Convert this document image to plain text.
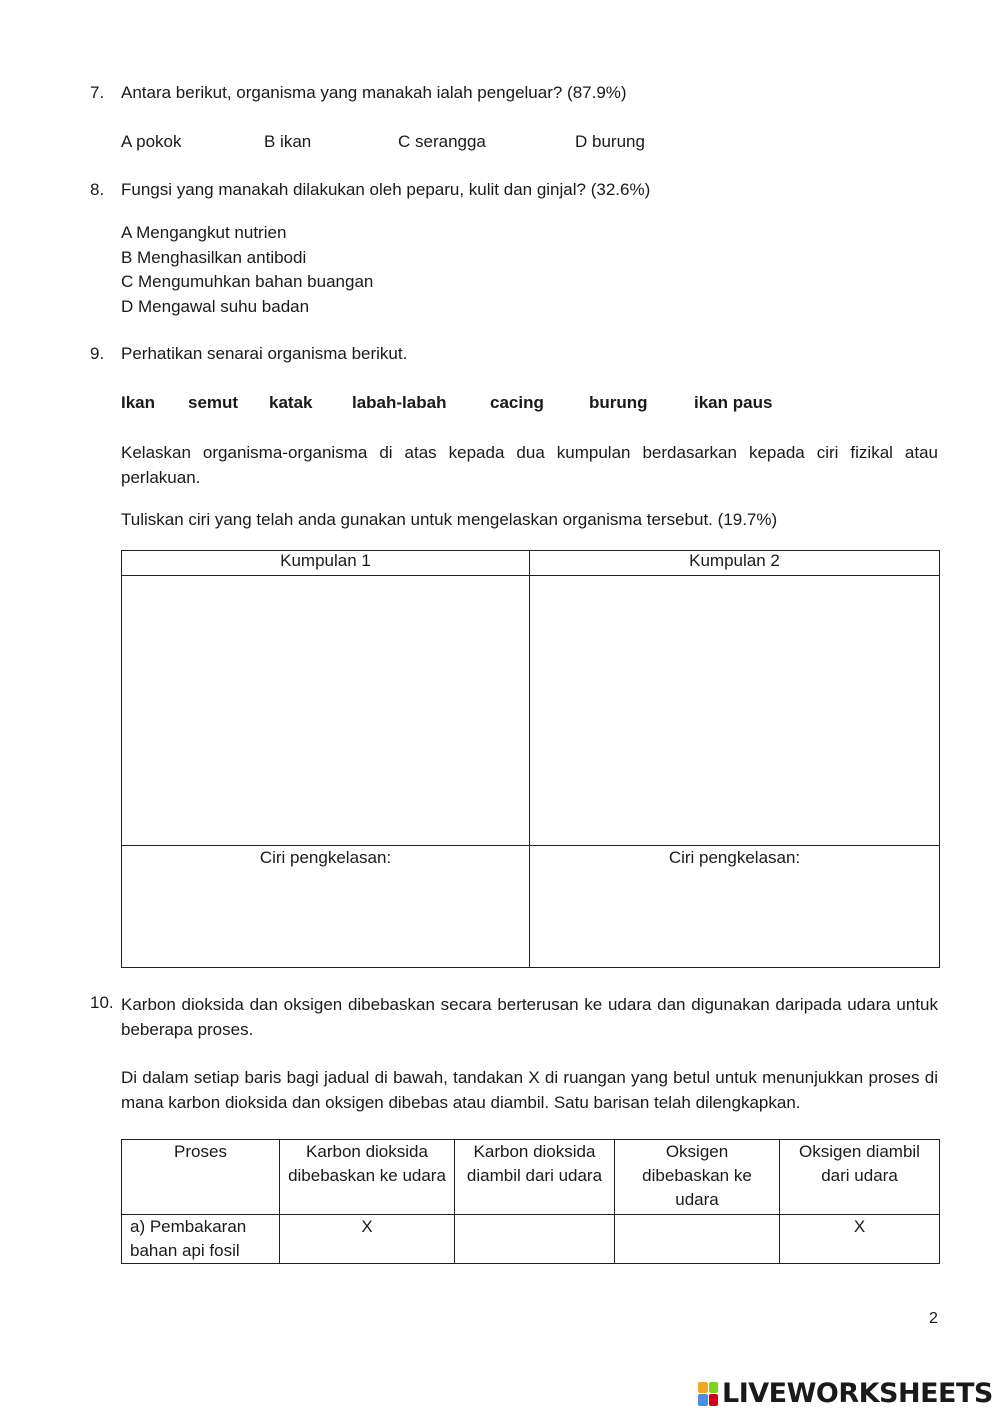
7. Antara berikut, organisma yang manakah ialah pengeluar? (87.9%)
A pokok	B ikan	C serangga	D burung
8. Fungsi yang manakah dilakukan oleh peparu, kulit dan ginjal? (32.6%)
A Mengangkut nutrien
B Menghasilkan antibodi
C Mengumuhkan bahan buangan
D Mengawal suhu badan
9. Perhatikan senarai organisma berikut.
Ikan semut katak labah-labah	cacing	burung	ikan paus
Kelaskan organisma-organisma di atas kepada dua kumpulan berdasarkan kepada ciri fizikal atau perlakuan.
Tuliskan ciri yang telah anda gunakan untuk mengelaskan organisma tersebut. (19.7%)
Kumpulan 1	Kumpulan 2

Ciri pengkelasan:	Ciri pengkelasan:
10. Karbon dioksida dan oksigen dibebaskan secara berterusan ke udara dan digunakan daripada udara untuk beberapa proses.
Di dalam setiap baris bagi jadual di bawah, tandakan X di ruangan yang betul untuk menunjukkan proses di mana karbon dioksida dan oksigen dibebas atau diambil. Satu barisan telah dilengkapkan.
Proses	Karbon dioksida dibebaskan ke udara	Karbon dioksida diambil dari udara	Oksigen dibebaskan ke udara	Oksigen diambil dari udara
a) Pembakaran bahan api fosil	X			X
2
LIVEWORKSHEETS
